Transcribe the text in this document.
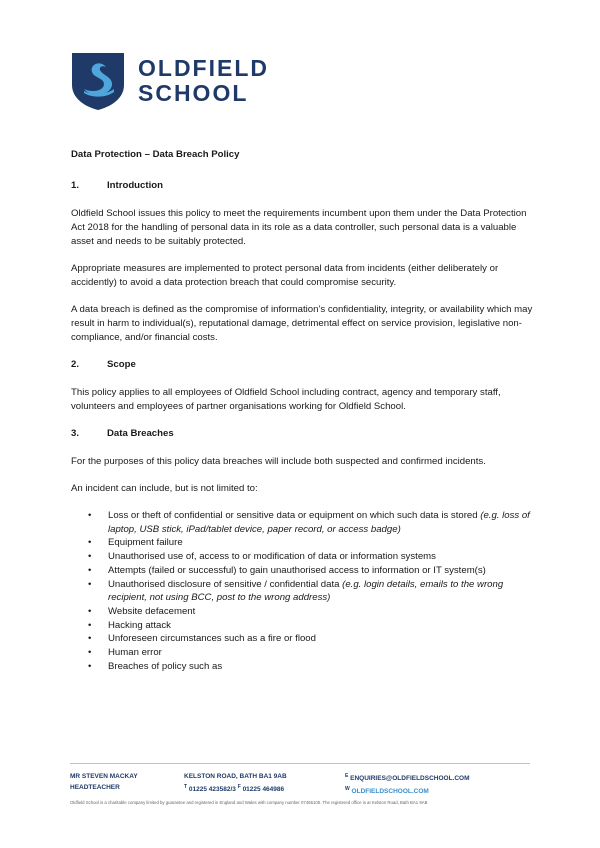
OLDFIELD
SCHOOL
Data Protection – Data Breach Policy
1.	Introduction

Oldfield School issues this policy to meet the requirements incumbent upon them under the Data Protection Act 2018 for the handling of personal data in its role as a data controller, such personal data is a valuable asset and needs to be suitably protected.

Appropriate measures are implemented to protect personal data from incidents (either deliberately or accidently) to avoid a data protection breach that could compromise security.

A data breach is defined as the compromise of information’s confidentiality, integrity, or availability which may result in harm to individual(s), reputational damage, detrimental effect on service provision, legislative non-compliance, and/or financial costs.

2.	Scope

This policy applies to all employees of Oldfield School including contract, agency and temporary staff, volunteers and employees of partner organisations working for Oldfield School.

3.	Data Breaches

For the purposes of this policy data breaches will include both suspected and confirmed incidents.

An incident can include, but is not limited to:

• Loss or theft of confidential or sensitive data or equipment on which such data is stored (e.g. loss of laptop, USB stick, iPad/tablet device, paper record, or access badge)
• Equipment failure
• Unauthorised use of, access to or modification of data or information systems
• Attempts (failed or successful) to gain unauthorised access to information or IT system(s)
• Unauthorised disclosure of sensitive / confidential data (e.g. login details, emails to the wrong recipient, not using BCC, post to the wrong address)
• Website defacement
• Hacking attack
• Unforeseen circumstances such as a fire or flood
• Human error
• Breaches of policy such as
MR STEVEN MACKAY
HEADTEACHER
KELSTON ROAD, BATH BA1 9AB
$^T$ 01225 423582/3 $^F$ 01225 464986
$^E$ ENQUIRIES@OLDFIELDSCHOOL.COM
$^W$ OLDFIELDSCHOOL.COM
Oldfield School is a charitable company limited by guarantee and registered in England and Wales with company number 07465105. The registered office is at Kelston Road, Bath BA1 9AB
